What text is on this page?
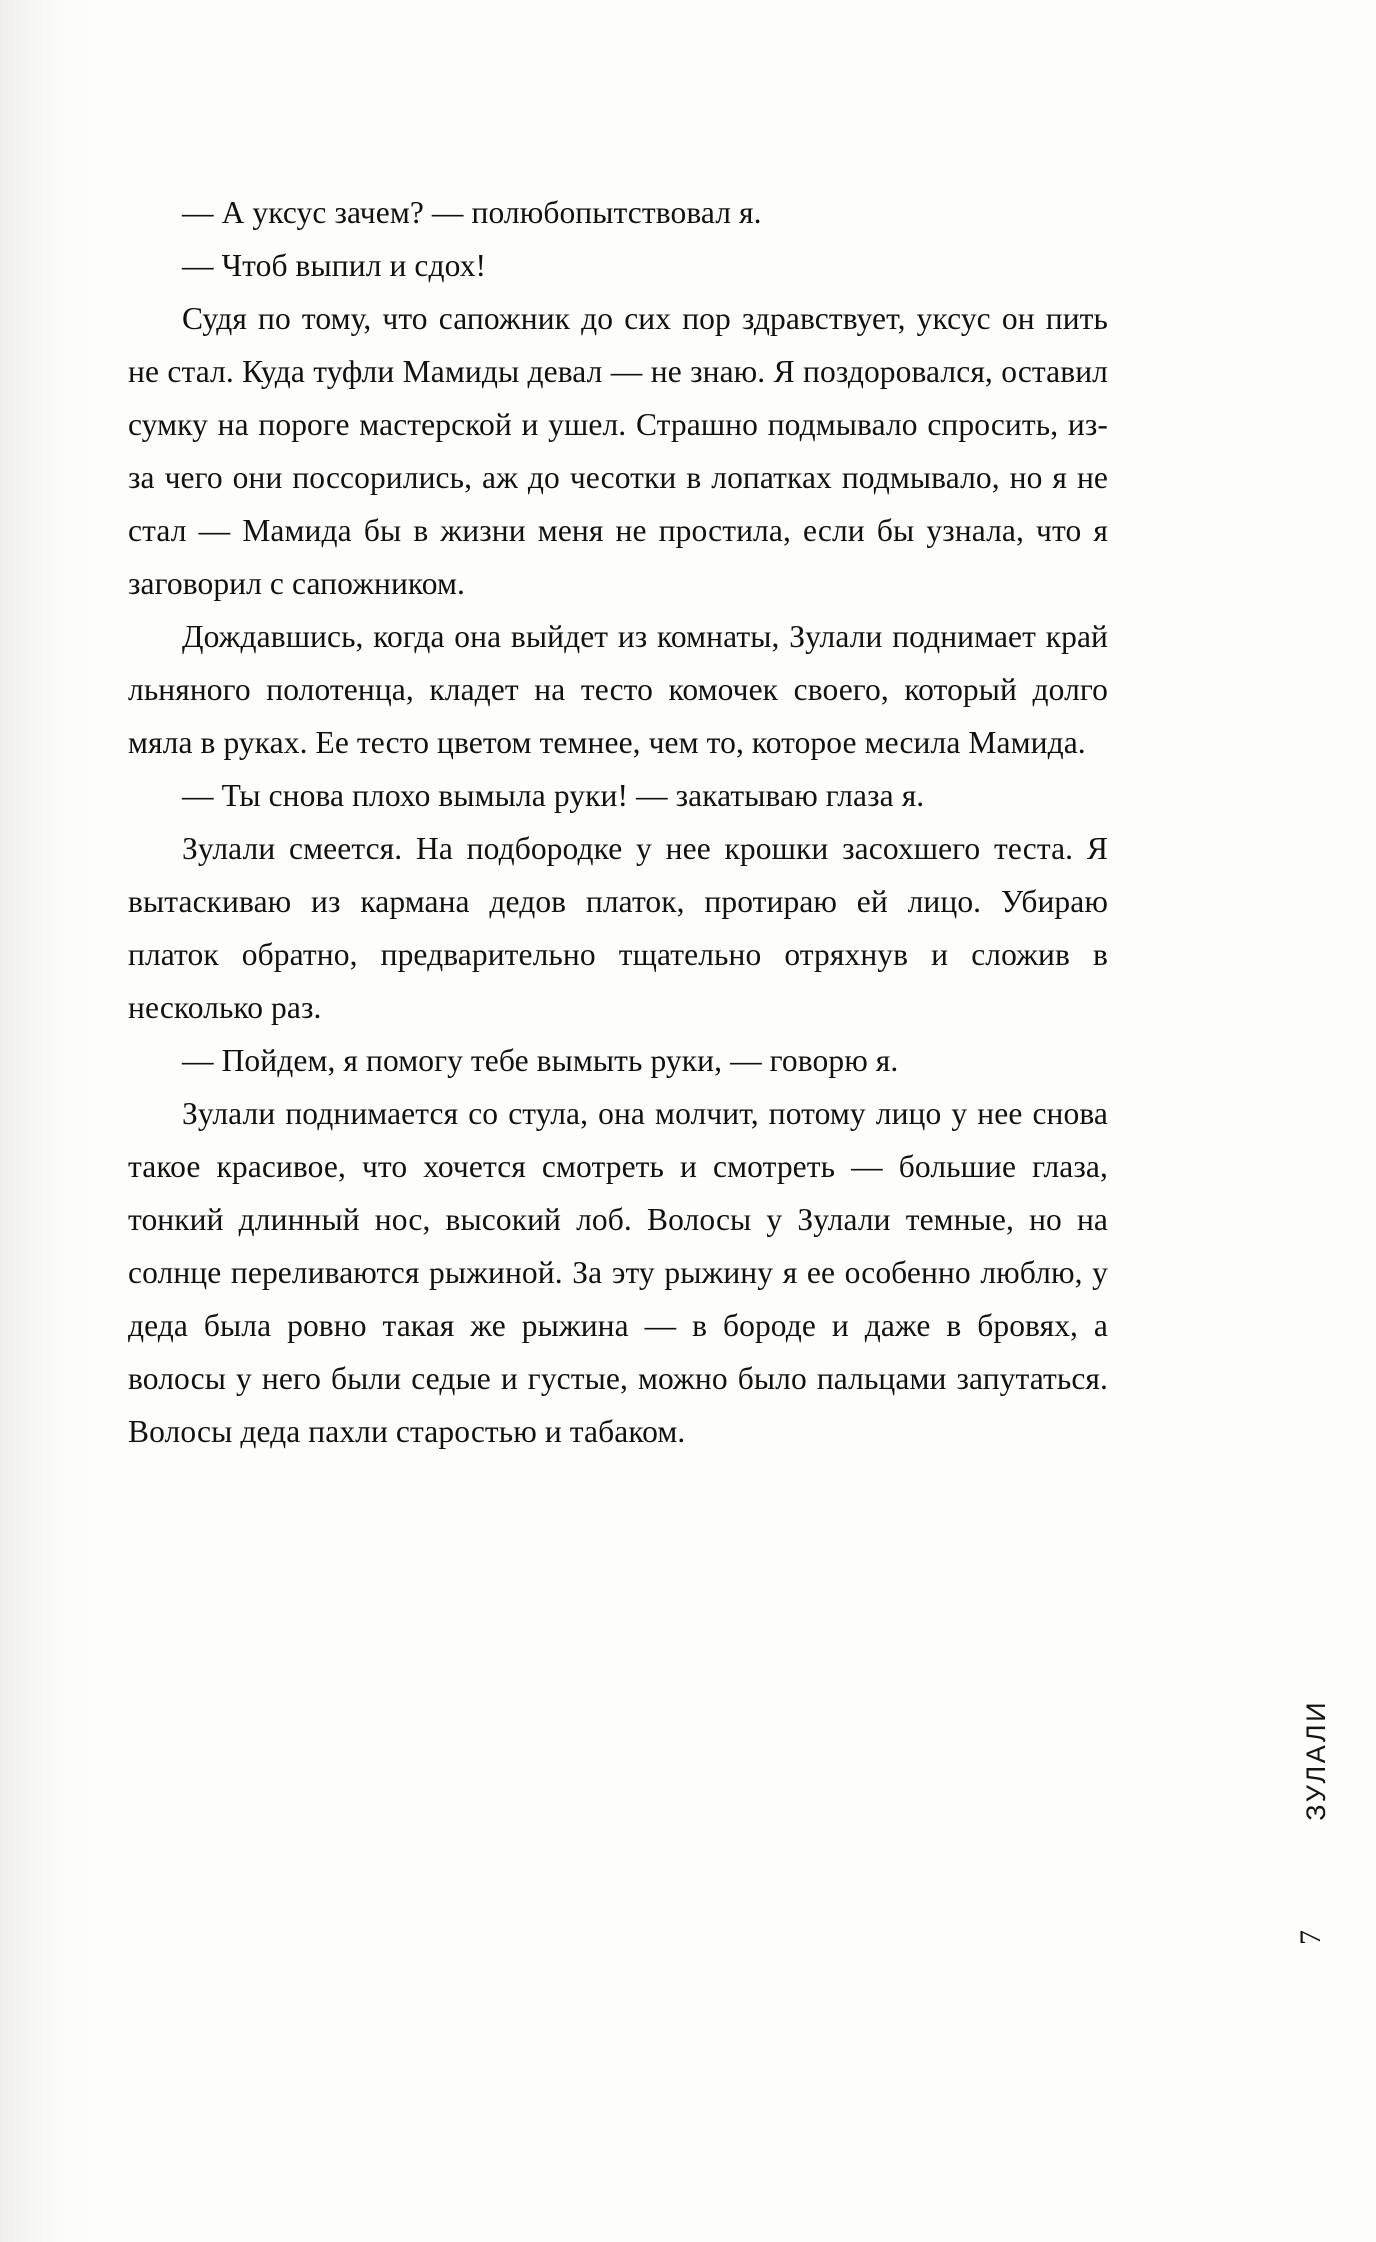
— А уксус зачем? — полюбопытствовал я.

— Чтоб выпил и сдох!

Судя по тому, что сапожник до сих пор здравствует, уксус он пить не стал. Куда туфли Мамиды девал — не знаю. Я поздоровался, оставил сумку на пороге мастерской и ушел. Страшно подмывало спросить, из-за чего они поссорились, аж до чесотки в лопатках подмывало, но я не стал — Мамида бы в жизни меня не простила, если бы узнала, что я заговорил с сапожником.

Дождавшись, когда она выйдет из комнаты, Зулали поднимает край льняного полотенца, кладет на тесто комочек своего, который долго мяла в руках. Ее тесто цветом темнее, чем то, которое месила Мамида.

— Ты снова плохо вымыла руки! — закатываю глаза я.

Зулали смеется. На подбородке у нее крошки засохшего теста. Я вытаскиваю из кармана дедов платок, протираю ей лицо. Убираю платок обратно, предварительно тщательно отряхнув и сложив в несколько раз.

— Пойдем, я помогу тебе вымыть руки, — говорю я.

Зулали поднимается со стула, она молчит, потому лицо у нее снова такое красивое, что хочется смотреть и смотреть — большие глаза, тонкий длинный нос, высокий лоб. Волосы у Зулали темные, но на солнце переливаются рыжиной. За эту рыжину я ее особенно люблю, у деда была ровно такая же рыжина — в бороде и даже в бровях, а волосы у него были седые и густые, можно было пальцами запутаться. Волосы деда пахли старостью и табаком.

ЗУЛАЛИ
7
